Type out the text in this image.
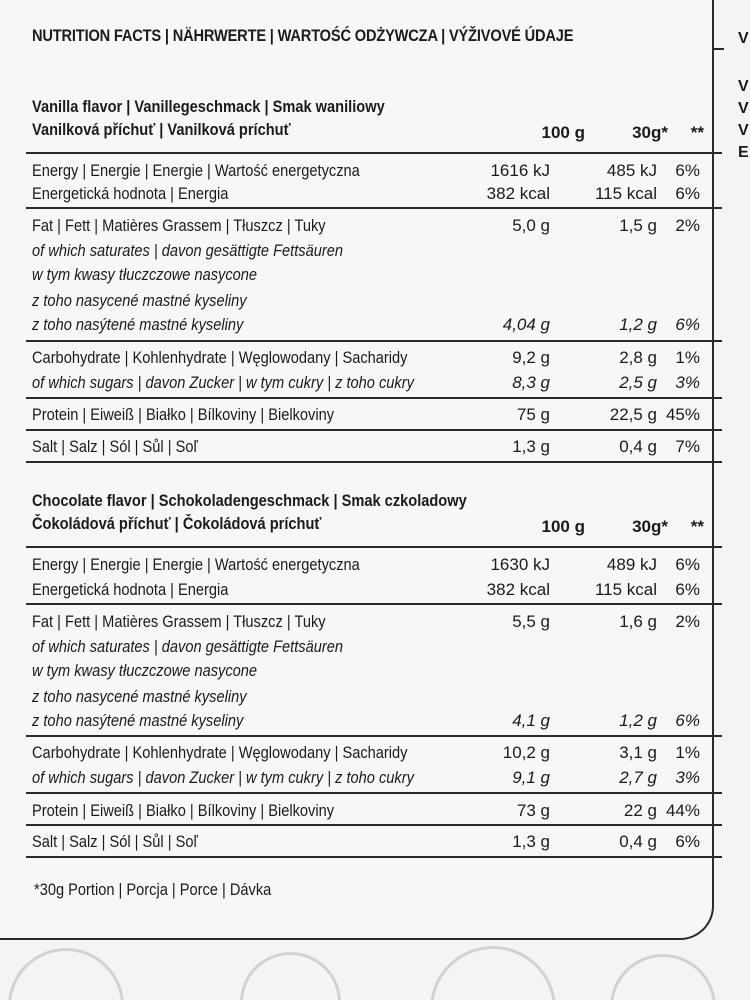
NUTRITION FACTS | NÄHRWERTE | WARTOŚĆ ODŻYWCZA | VÝŽIVOVÉ ÚDAJE	V
V
V
V
E
Vanilla flavor | Vanillegeschmack | Smak waniliowy
Vanilková příchuť | Vanilková príchuť	100 g	30g* **
Energy | Energie | Energie | Wartość energetyczna	1616 kJ	485 kJ 6%
Energetická hodnota | Energia	382 kcal	115 kcal 6%
Fat | Fett | Matières Grassem | Tłuszcz | Tuky	5,0 g	1,5 g 2%
of which saturates | davon gesättigte Fettsäuren
w tym kwasy tłuczczowe nasycone
z toho nasycené mastné kyseliny
z toho nasýtené mastné kyseliny	4,04 g	1,2 g 6%
Carbohydrate | Kohlenhydrate | Węglowodany | Sacharidy	9,2 g	2,8 g 1%
of which sugars | davon Zucker | w tym cukry | z toho cukry	8,3 g	2,5 g 3%
Protein | Eiweiß | Białko | Bílkoviny | Bielkoviny	75 g	22,5 g 45%
Salt | Salz | Sól | Sůl | Soľ	1,3 g	0,4 g 7%
Chocolate flavor | Schokoladengeschmack | Smak czkoladowy
Čokoládová příchuť | Čokoládová príchuť	100 g	30g* **
Energy | Energie | Energie | Wartość energetyczna	1630 kJ	489 kJ 6%
Energetická hodnota | Energia	382 kcal	115 kcal 6%
Fat | Fett | Matières Grassem | Tłuszcz | Tuky	5,5 g	1,6 g 2%
of which saturates | davon gesättigte Fettsäuren
w tym kwasy tłuczczowe nasycone
z toho nasycené mastné kyseliny
z toho nasýtené mastné kyseliny	4,1 g	1,2 g 6%
Carbohydrate | Kohlenhydrate | Węglowodany | Sacharidy	10,2 g	3,1 g 1%
of which sugars | davon Zucker | w tym cukry | z toho cukry	9,1 g	2,7 g 3%
Protein | Eiweiß | Białko | Bílkoviny | Bielkoviny	73 g	22 g 44%
Salt | Salz | Sól | Sůl | Soľ	1,3 g	0,4 g 6%
*30g Portion | Porcja | Porce | Dávka
